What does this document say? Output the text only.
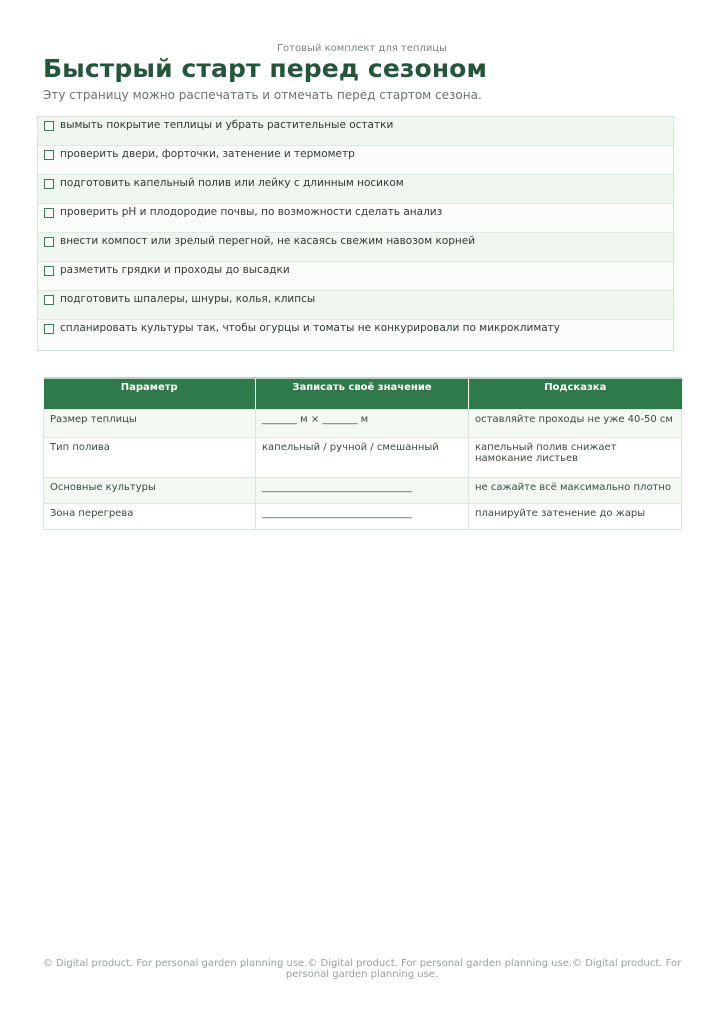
Готовый комплект для теплицы
Быстрый старт перед сезоном
Эту страницу можно распечатать и отмечать перед стартом сезона.
вымыть покрытие теплицы и убрать растительные остатки
проверить двери, форточки, затенение и термометр
подготовить капельный полив или лейку с длинным носиком
проверить pH и плодородие почвы, по возможности сделать анализ
внести компост или зрелый перегной, не касаясь свежим навозом корней
разметить грядки и проходы до высадки
подготовить шпалеры, шнуры, колья, клипсы
спланировать культуры так, чтобы огурцы и томаты не конкурировали по микроклимату
Параметр	Записать своё значение	Подсказка
Размер теплицы	_______ м × _______ м	оставляйте проходы не уже 40-50 см
Тип полива	капельный / ручной / смешанный	капельный полив снижает намокание листьев
Основные культуры	______________________________	не сажайте всё максимально плотно
Зона перегрева	______________________________	планируйте затенение до жары
© Digital product. For personal garden planning use.© Digital product. For personal garden planning use.© Digital product. For personal garden planning use.
